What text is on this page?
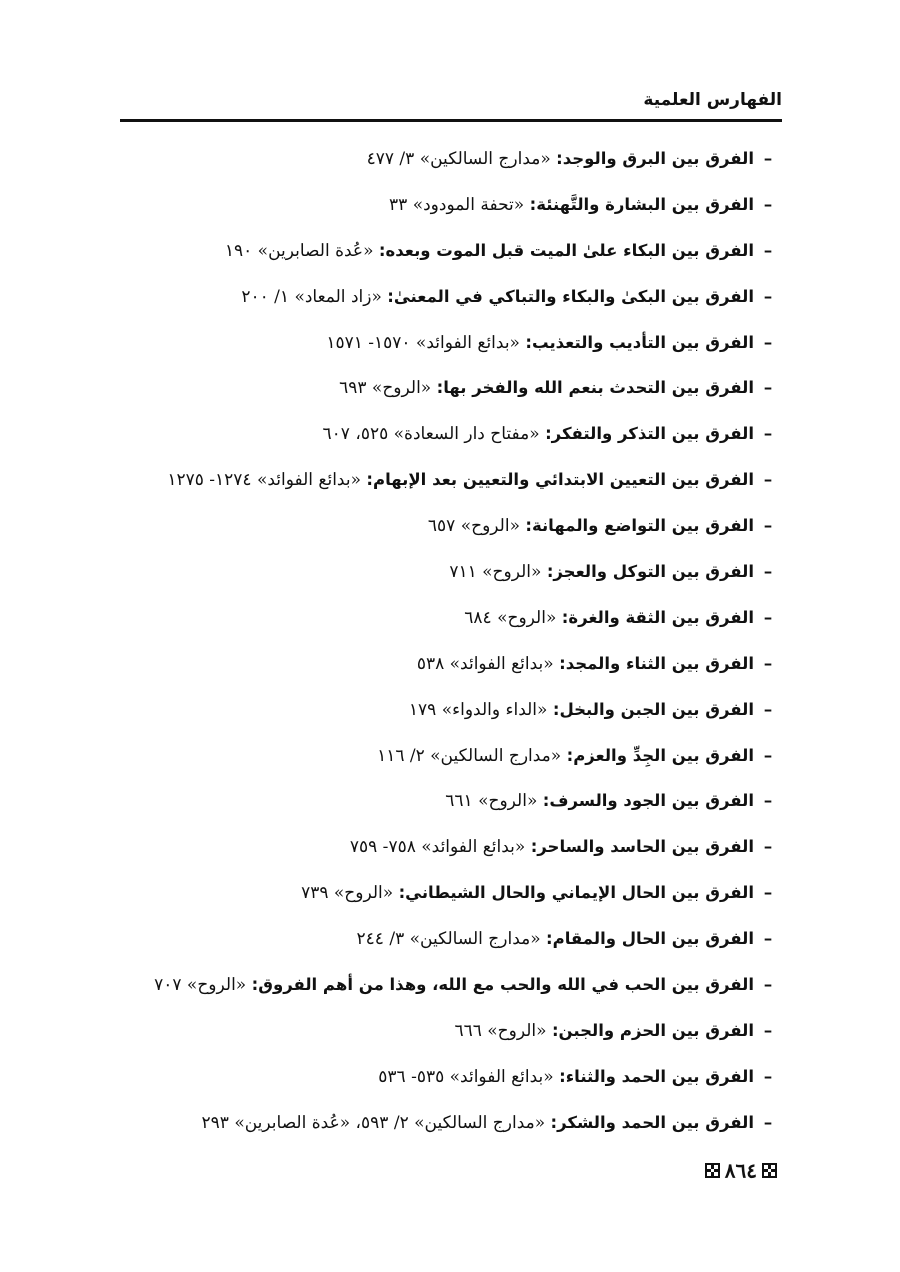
الفهارس العلمية
–الفرق بين البرق والوجد: «مدارج السالكين» ٣/ ٤٧٧
–الفرق بين البشارة والتَّهنئة: «تحفة المودود» ٣٣
–الفرق بين البكاء علىٰ الميت قبل الموت وبعده: «عُدة الصابرين» ١٩٠
–الفرق بين البكىٰ والبكاء والتباكي في المعنىٰ: «زاد المعاد» ١/ ٢٠٠
–الفرق بين التأديب والتعذيب: «بدائع الفوائد» ١٥٧٠- ١٥٧١
–الفرق بين التحدث بنعم الله والفخر بها: «الروح» ٦٩٣
–الفرق بين التذكر والتفكر: «مفتاح دار السعادة» ٥٢٥، ٦٠٧
–الفرق بين التعيين الابتدائي والتعيين بعد الإبهام: «بدائع الفوائد» ١٢٧٤- ١٢٧٥
–الفرق بين التواضع والمهانة: «الروح» ٦٥٧
–الفرق بين التوكل والعجز: «الروح» ٧١١
–الفرق بين الثقة والغرة: «الروح» ٦٨٤
–الفرق بين الثناء والمجد: «بدائع الفوائد» ٥٣٨
–الفرق بين الجبن والبخل: «الداء والدواء» ١٧٩
–الفرق بين الجِدِّ والعزم: «مدارج السالكين» ٢/ ١١٦
–الفرق بين الجود والسرف: «الروح» ٦٦١
–الفرق بين الحاسد والساحر: «بدائع الفوائد» ٧٥٨- ٧٥٩
–الفرق بين الحال الإيماني والحال الشيطاني: «الروح» ٧٣٩
–الفرق بين الحال والمقام: «مدارج السالكين» ٣/ ٢٤٤
–الفرق بين الحب في الله والحب مع الله، وهذا من أهم الفروق: «الروح» ٧٠٧
–الفرق بين الحزم والجبن: «الروح» ٦٦٦
–الفرق بين الحمد والثناء: «بدائع الفوائد» ٥٣٥- ٥٣٦
–الفرق بين الحمد والشكر: «مدارج السالكين» ٢/ ٥٩٣، «عُدة الصابرين» ٢٩٣
٨٦٤
